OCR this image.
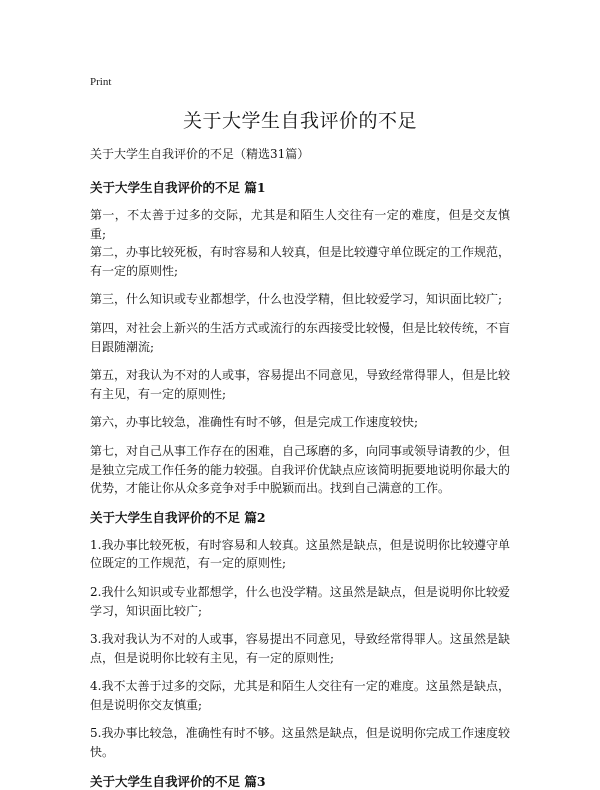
Print
关于大学生自我评价的不足

关于大学生自我评价的不足（精选31篇）

关于大学生自我评价的不足 篇1

第一，不太善于过多的交际，尤其是和陌生人交往有一定的难度，但是交友慎重;

第二，办事比较死板，有时容易和人较真，但是比较遵守单位既定的工作规范，有一定的原则性;

第三，什么知识或专业都想学，什么也没学精，但比较爱学习，知识面比较广;

第四，对社会上新兴的生活方式或流行的东西接受比较慢，但是比较传统，不盲目跟随潮流;

第五，对我认为不对的人或事，容易提出不同意见，导致经常得罪人，但是比较有主见，有一定的原则性;

第六，办事比较急，准确性有时不够，但是完成工作速度较快;

第七，对自己从事工作存在的困难，自己琢磨的多，向同事或领导请教的少，但是独立完成工作任务的能力较强。自我评价优缺点应该简明扼要地说明你最大的优势，才能让你从众多竞争对手中脱颖而出。找到自己满意的工作。

关于大学生自我评价的不足 篇2

1.我办事比较死板，有时容易和人较真。这虽然是缺点，但是说明你比较遵守单位既定的工作规范，有一定的原则性;

2.我什么知识或专业都想学，什么也没学精。这虽然是缺点，但是说明你比较爱学习，知识面比较广;

3.我对我认为不对的人或事，容易提出不同意见，导致经常得罪人。这虽然是缺点，但是说明你比较有主见，有一定的原则性;

4.我不太善于过多的交际，尤其是和陌生人交往有一定的难度。这虽然是缺点，但是说明你交友慎重;

5.我办事比较急，准确性有时不够。这虽然是缺点，但是说明你完成工作速度较快。

关于大学生自我评价的不足 篇3
